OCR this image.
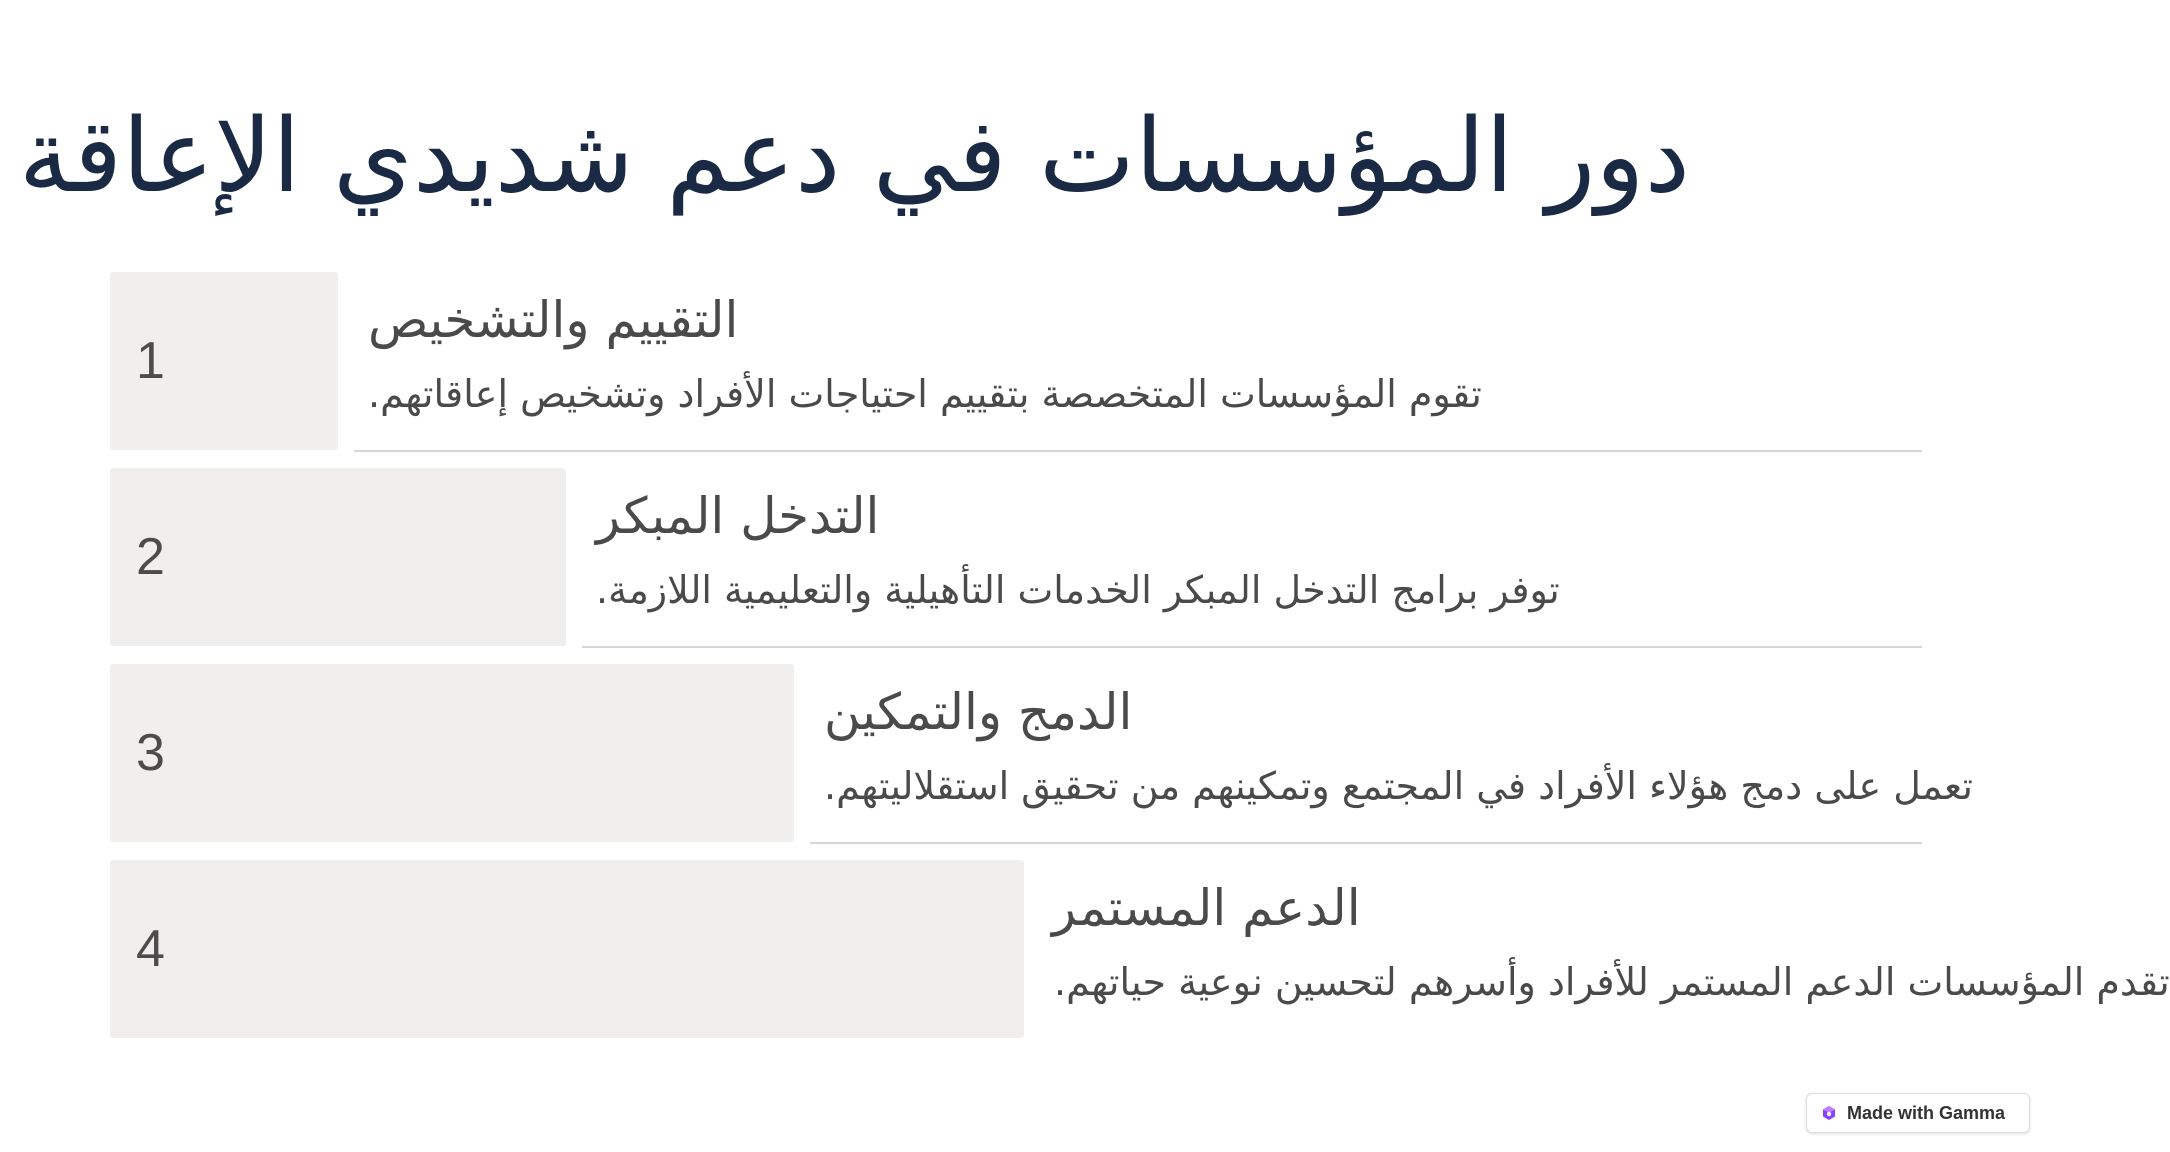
دور المؤسسات في دعم شديدي الإعاقة
1
التقييم والتشخيص
تقوم المؤسسات المتخصصة بتقييم احتياجات الأفراد وتشخيص إعاقاتهم.
2
التدخل المبكر
توفر برامج التدخل المبكر الخدمات التأهيلية والتعليمية اللازمة.
3
الدمج والتمكين
تعمل على دمج هؤلاء الأفراد في المجتمع وتمكينهم من تحقيق استقلاليتهم.
4
الدعم المستمر
تقدم المؤسسات الدعم المستمر للأفراد وأسرهم لتحسين نوعية حياتهم.
Made with Gamma
